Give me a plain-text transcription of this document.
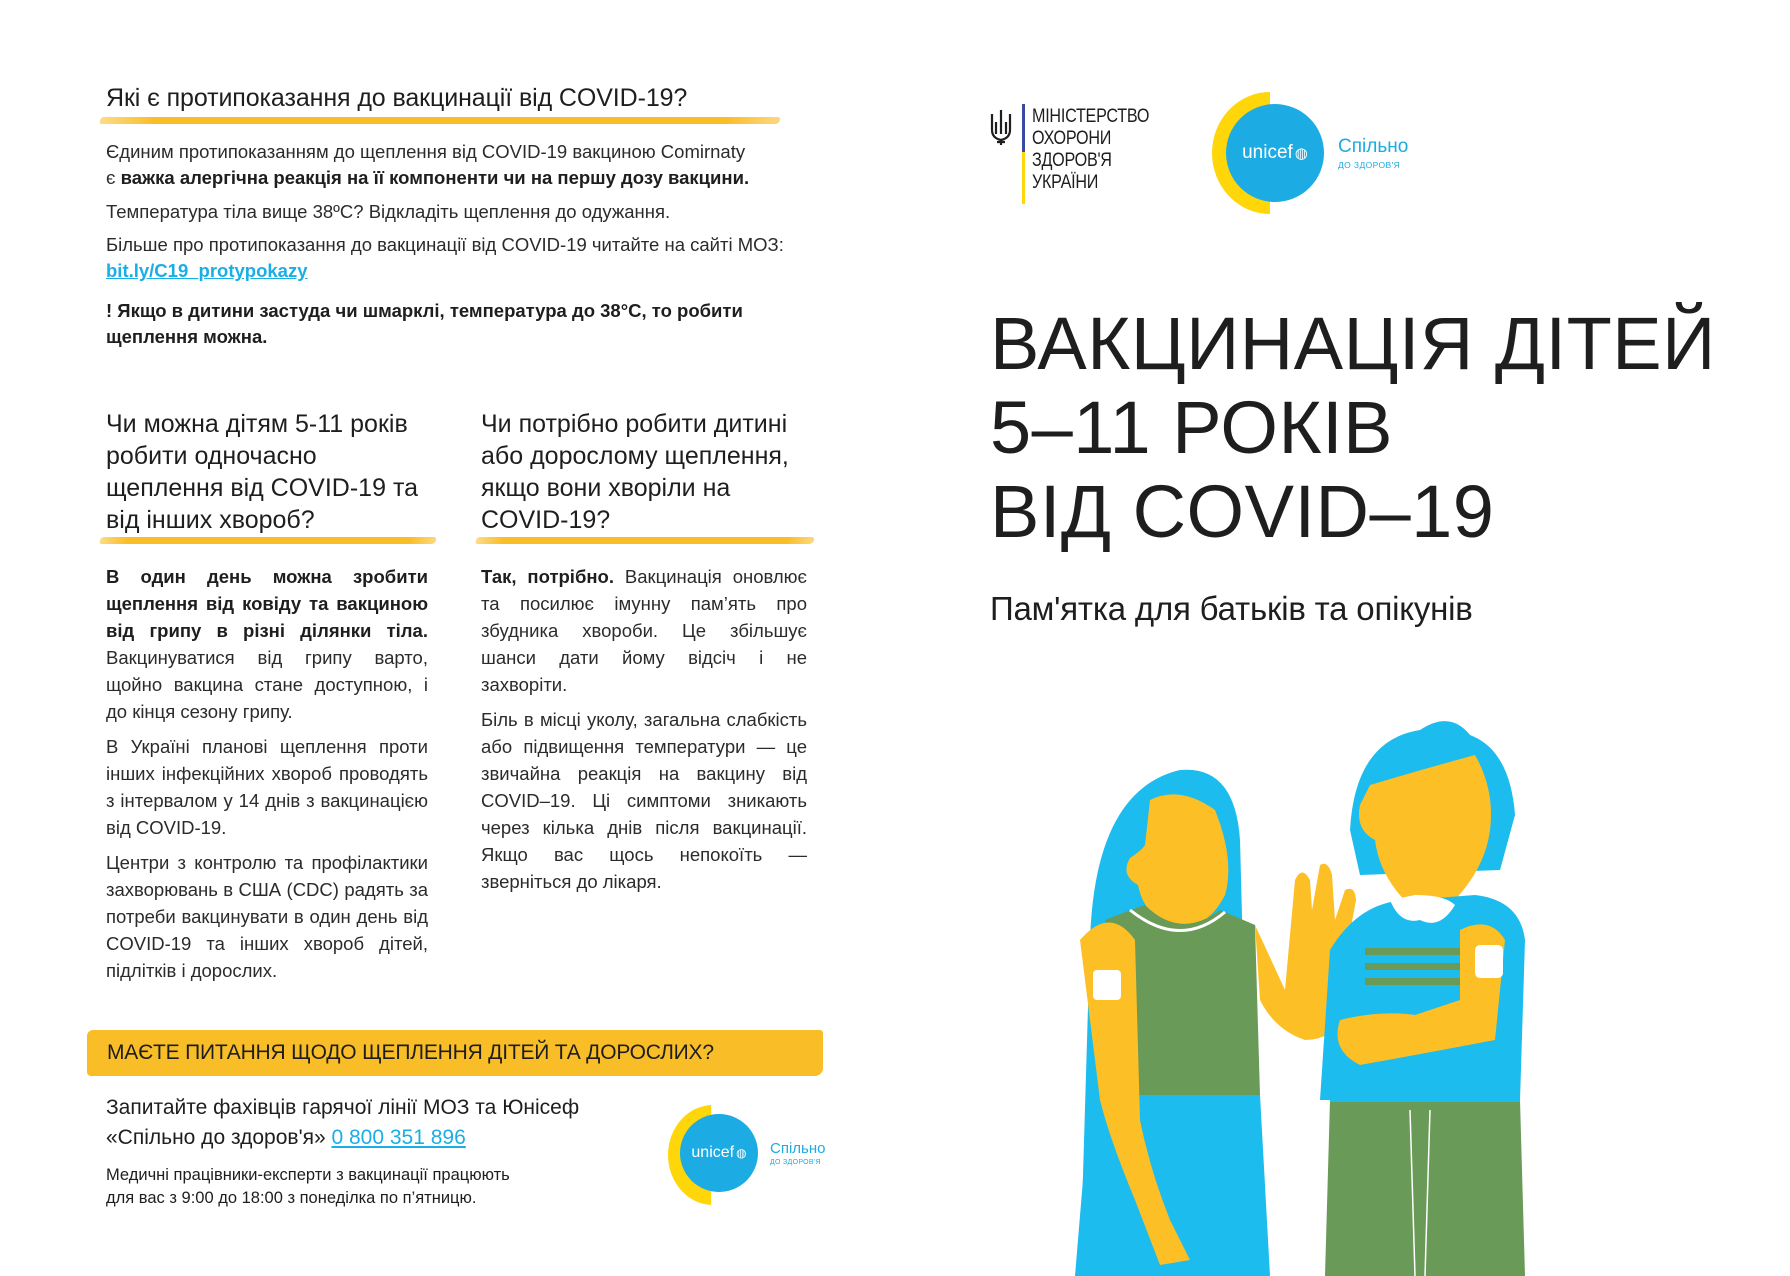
Які є протипоказання до вакцинації від COVID-19?
Єдиним протипоказанням до щеплення від COVID-19 вакциною Comirnaty
є важка алергічна реакція на її компоненти чи на першу дозу вакцини.
Температура тіла вище 38ºС? Відкладіть щеплення до одужання.
Більше про протипоказання до вакцинації від COVID-19 читайте на сайті МОЗ: bit.ly/C19_protypokazy
! Якщо в дитини застуда чи шмарклі, температура до 38°С, то робити щеплення можна.
Чи можна дітям 5-11 років робити одночасно щеплення від COVID-19 та від інших хвороб?

В один день можна зробити щеплення від ковіду та вакциною від грипу в різні ділянки тіла. Вакцинуватися від грипу варто, щойно вакцина стане доступною, і до кінця сезону грипу.

В Україні планові щеплення проти інших інфекційних хвороб проводять з інтервалом у 14 днів з вакцинацією від COVID-19.

Центри з контролю та профілактики захворювань в США (CDC) радять за потреби вакцинувати в один день від COVID-19 та інших хвороб дітей, підлітків і дорослих.

Чи потрібно робити дитині або дорослому щеплення, якщо вони хворіли на COVID-19?

Так, потрібно. Вакцинація оновлює та посилює імунну пам’ять про збудника хвороби. Це збільшує шанси дати йому відсіч і не захворіти.

Біль в місці уколу, загальна слабкість або підвищення температури — це звичайна реакція на вакцину від COVID–19. Ці симптоми зникають через кілька днів після вакцинації. Якщо вас щось непокоїть — зверніться до лікаря.

МАЄТЕ ПИТАННЯ ЩОДО ЩЕПЛЕННЯ ДІТЕЙ ТА ДОРОСЛИХ?
Запитайте фахівців гарячої лінії МОЗ та Юнісеф
«Спільно до здоров'я» 0 800 351 896
Медичні працівники-експерти з вакцинації працюють
для вас з 9:00 до 18:00 з понеділка по п’ятницю.
unicef ◍ Спільно
ДО ЗДОРОВ'Я
МІНІСТЕРСТВО
ОХОРОНИ
ЗДОРОВ'Я
УКРАЇНИ
unicef ◍ Спільно
ДО ЗДОРОВ'Я
ВАКЦИНАЦІЯ ДІТЕЙ
5–11 РОКІВ
ВІД COVID–19
Пам'ятка для батьків та опікунів
